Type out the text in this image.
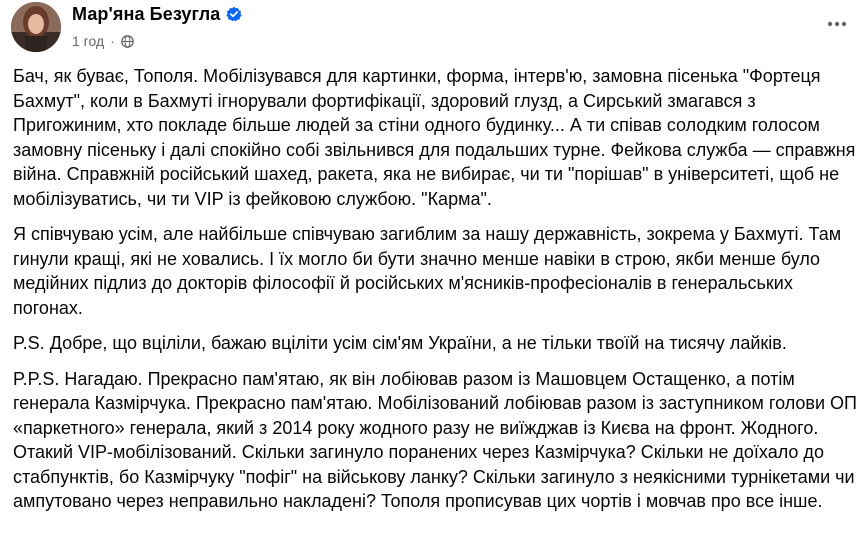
Мар'яна Безугла
1 год ·

Бач, як буває, Тополя. Мобілізувався для картинки, форма, інтерв'ю, замовна пісенька "Фортеця Бахмут", коли в Бахмуті ігнорували фортифікації, здоровий глузд, а Сирський змагався з Пригожиним, хто покладе більше людей за стіни одного будинку... А ти співав солодким голосом замовну пісеньку і далі спокійно собі звільнився для подальших турне. Фейкова служба — справжня війна. Справжній російський шахед, ракета, яка не вибирає, чи ти "порішав" в університеті, щоб не мобілізуватись, чи ти VIP із фейковою службою. "Карма".

Я співчуваю усім, але найбільше співчуваю загиблим за нашу державність, зокрема у Бахмуті. Там гинули кращі, які не ховались. І їх могло би бути значно менше навіки в строю, якби менше було медійних підлиз до докторів філософії й російських м'ясників-професіоналів в генеральських погонах.

P.S. Добре, що вціліли, бажаю вціліти усім сім'ям України, а не тільки твоїй на тисячу лайків.

P.P.S. Нагадаю. Прекрасно пам'ятаю, як він лобіював разом із Машовцем Остащенко, а потім генерала Казмірчука. Прекрасно пам'ятаю. Мобілізований лобіював разом із заступником голови ОП «паркетного» генерала, який з 2014 року жодного разу не виїжджав із Києва на фронт. Жодного. Отакий VIP-мобілізований. Скільки загинуло поранених через Казмірчука? Скільки не доїхало до стабпунктів, бо Казмірчуку "пофіг" на військову ланку? Скільки загинуло з неякісними турнікетами чи ампутовано через неправильно накладені? Тополя прописував цих чортів і мовчав про все інше.
